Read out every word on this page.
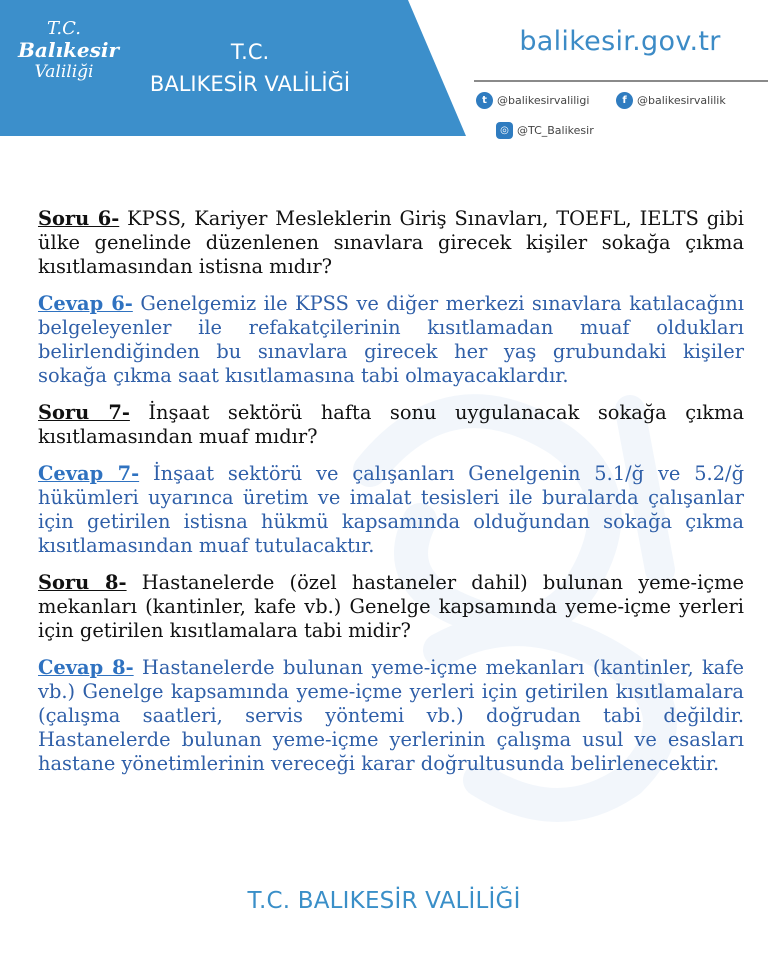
T.C.
Balıkesir
Valiliği
T.C.
BALIKESİR VALİLİĞİ
balikesir.gov.tr
t @balikesirvaliligi	f @balikesirvalilik
◎ @TC_Balikesir

Soru 6- KPSS, Kariyer Mesleklerin Giriş Sınavları, TOEFL, IELTS gibi ülke genelinde düzenlenen sınavlara girecek kişiler sokağa çıkma kısıtlamasından istisna mıdır?

Cevap 6- Genelgemiz ile KPSS ve diğer merkezi sınavlara katılacağını belgeleyenler ile refakatçilerinin kısıtlamadan muaf oldukları belirlendiğinden bu sınavlara girecek her yaş grubundaki kişiler sokağa çıkma saat kısıtlamasına tabi olmayacaklardır.

Soru 7- İnşaat sektörü hafta sonu uygulanacak sokağa çıkma kısıtlamasından muaf mıdır?

Cevap 7- İnşaat sektörü ve çalışanları Genelgenin 5.1/ğ ve 5.2/ğ hükümleri uyarınca üretim ve imalat tesisleri ile buralarda çalışanlar için getirilen istisna hükmü kapsamında olduğundan sokağa çıkma kısıtlamasından muaf tutulacaktır.

Soru 8- Hastanelerde (özel hastaneler dahil) bulunan yeme-içme mekanları (kantinler, kafe vb.) Genelge kapsamında yeme-içme yerleri için getirilen kısıtlamalara tabi midir?

Cevap 8- Hastanelerde bulunan yeme-içme mekanları (kantinler, kafe vb.) Genelge kapsamında yeme-içme yerleri için getirilen kısıtlamalara (çalışma saatleri, servis yöntemi vb.) doğrudan tabi değildir. Hastanelerde bulunan yeme-içme yerlerinin çalışma usul ve esasları hastane yönetimlerinin vereceği karar doğrultusunda belirlenecektir.

T.C. BALIKESİR VALİLİĞİ
